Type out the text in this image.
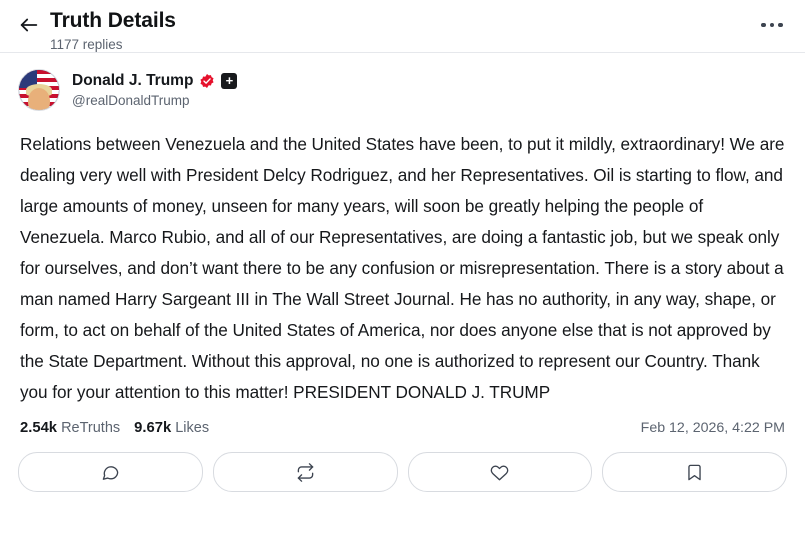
Truth Details
1177 replies
Donald J. Trump	+
@realDonaldTrump
Relations between Venezuela and the United States have been, to put it mildly, extraordinary! We are dealing very well with President Delcy Rodriguez, and her Representatives. Oil is starting to flow, and large amounts of money, unseen for many years, will soon be greatly helping the people of Venezuela. Marco Rubio, and all of our Representatives, are doing a fantastic job, but we speak only for ourselves, and don’t want there to be any confusion or misrepresentation. There is a story about a man named Harry Sargeant III in The Wall Street Journal. He has no authority, in any way, shape, or form, to act on behalf of the United States of America, nor does anyone else that is not approved by the State Department. Without this approval, no one is authorized to represent our Country. Thank you for your attention to this matter! PRESIDENT DONALD J. TRUMP
2.54k ReTruths 9.67k Likes	Feb 12, 2026, 4:22 PM
